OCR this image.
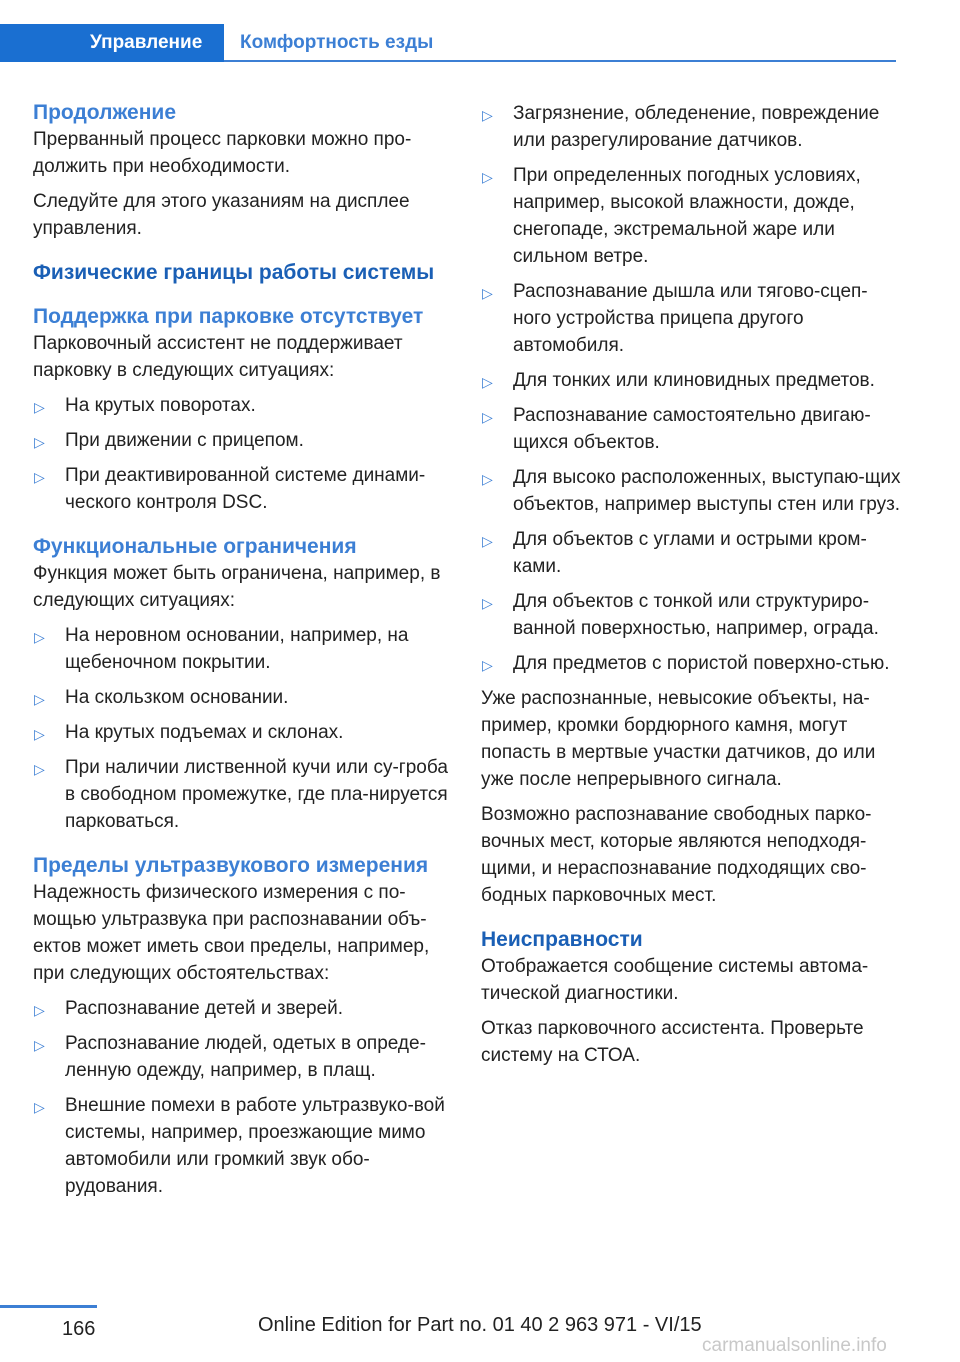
Управление	Комфортность езды
Продолжение

Прерванный процесс парковки можно про-должить при необходимости.

Следуйте для этого указаниям на дисплее управления.

Физические границы работы системы
Поддержка при парковке отсутствует

Парковочный ассистент не поддерживает парковку в следующих ситуациях:

▷ На крутых поворотах.
▷ При движении с прицепом.
▷ При деактивированной системе динами-ческого контроля DSC.
Функциональные ограничения

Функция может быть ограничена, например, в следующих ситуациях:

▷ На неровном основании, например, на щебеночном покрытии.
▷ На скользком основании.
▷ На крутых подъемах и склонах.
▷ При наличии лиственной кучи или су-гроба в свободном промежутке, где пла-нируется парковаться.
Пределы ультразвукового измерения

Надежность физического измерения с по-мощью ультразвука при распознавании объ-ектов может иметь свои пределы, например, при следующих обстоятельствах:

▷ Распознавание детей и зверей.
▷ Распознавание людей, одетых в опреде-ленную одежду, например, в плащ.
▷ Внешние помехи в работе ультразвуко-вой системы, например, проезжающие мимо автомобили или громкий звук обо-рудования.
▷ Загрязнение, обледенение, повреждение или разрегулирование датчиков.
▷ При определенных погодных условиях, например, высокой влажности, дожде, снегопаде, экстремальной жаре или сильном ветре.
▷ Распознавание дышла или тягово-сцеп-ного устройства прицепа другого автомобиля.
▷ Для тонких или клиновидных предметов.
▷ Распознавание самостоятельно двигаю-щихся объектов.
▷ Для высоко расположенных, выступаю-щих объектов, например выступы стен или груз.
▷ Для объектов с углами и острыми кром-ками.
▷ Для объектов с тонкой или структуриро-ванной поверхностью, например, ограда.
▷ Для предметов с пористой поверхно-стью.

Уже распознанные, невысокие объекты, на-пример, кромки бордюрного камня, могут попасть в мертвые участки датчиков, до или уже после непрерывного сигнала.

Возможно распознавание свободных парко-вочных мест, которые являются неподходя-щими, и нераспознавание подходящих сво-бодных парковочных мест.

Неисправности

Отображается сообщение системы автома-тической диагностики.

Отказ парковочного ассистента. Проверьте систему на СТОА.

166	Online Edition for Part no. 01 40 2 963 971 - VI/15
carmanualsonline.info
